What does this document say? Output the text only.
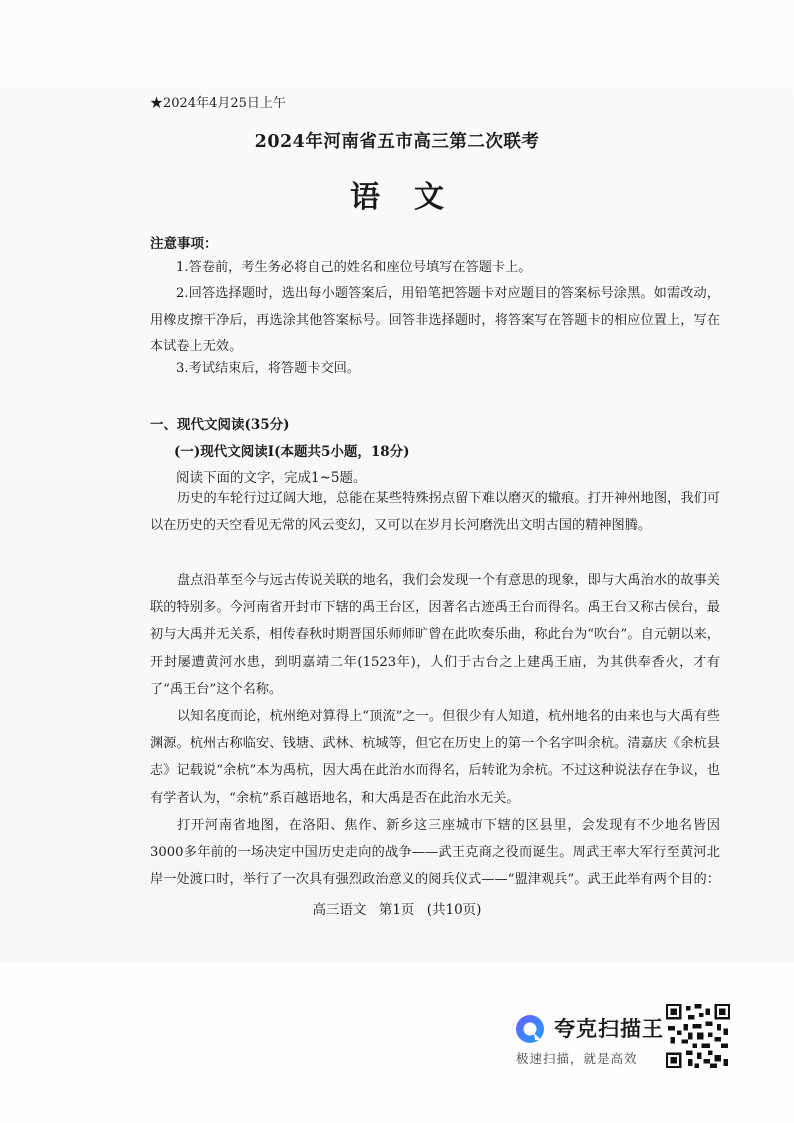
★2024年4月25日上午
2024年河南省五市高三第二次联考
语文
注意事项：
1.答卷前，考生务必将自己的姓名和座位号填写在答题卡上。
2.回答选择题时，选出每小题答案后，用铅笔把答题卡对应题目的答案标号涂黑。如需改动，用橡皮擦干净后，再选涂其他答案标号。回答非选择题时，将答案写在答题卡的相应位置上，写在本试卷上无效。
3.考试结束后，将答题卡交回。
一、现代文阅读(35分)
(一)现代文阅读Ⅰ(本题共5小题，18分)
阅读下面的文字，完成1~5题。

历史的车轮行过辽阔大地，总能在某些特殊拐点留下难以磨灭的辙痕。打开神州地图，我们可以在历史的天空看见无常的风云变幻，又可以在岁月长河磨洗出文明古国的精神图腾。

盘点沿革至今与远古传说关联的地名，我们会发现一个有意思的现象，即与大禹治水的故事关联的特别多。今河南省开封市下辖的禹王台区，因著名古迹禹王台而得名。禹王台又称古侯台，最初与大禹并无关系，相传春秋时期晋国乐师师旷曾在此吹奏乐曲，称此台为“吹台”。自元朝以来，开封屡遭黄河水患，到明嘉靖二年(1523年)，人们于古台之上建禹王庙，为其供奉香火，才有了“禹王台”这个名称。

以知名度而论，杭州绝对算得上“顶流”之一。但很少有人知道，杭州地名的由来也与大禹有些渊源。杭州古称临安、钱塘、武林、杭城等，但它在历史上的第一个名字叫余杭。清嘉庆《余杭县志》记载说“余杭”本为禹杭，因大禹在此治水而得名，后转讹为余杭。不过这种说法存在争议，也有学者认为，“余杭”系百越语地名，和大禹是否在此治水无关。

打开河南省地图，在洛阳、焦作、新乡这三座城市下辖的区县里，会发现有不少地名皆因3000多年前的一场决定中国历史走向的战争——武王克商之役而诞生。周武王率大军行至黄河北岸一处渡口时，举行了一次具有强烈政治意义的阅兵仪式——“盟津观兵”。武王此举有两个目的：

高三语文 第1页 (共10页)
夸克扫描王
极速扫描，就是高效
